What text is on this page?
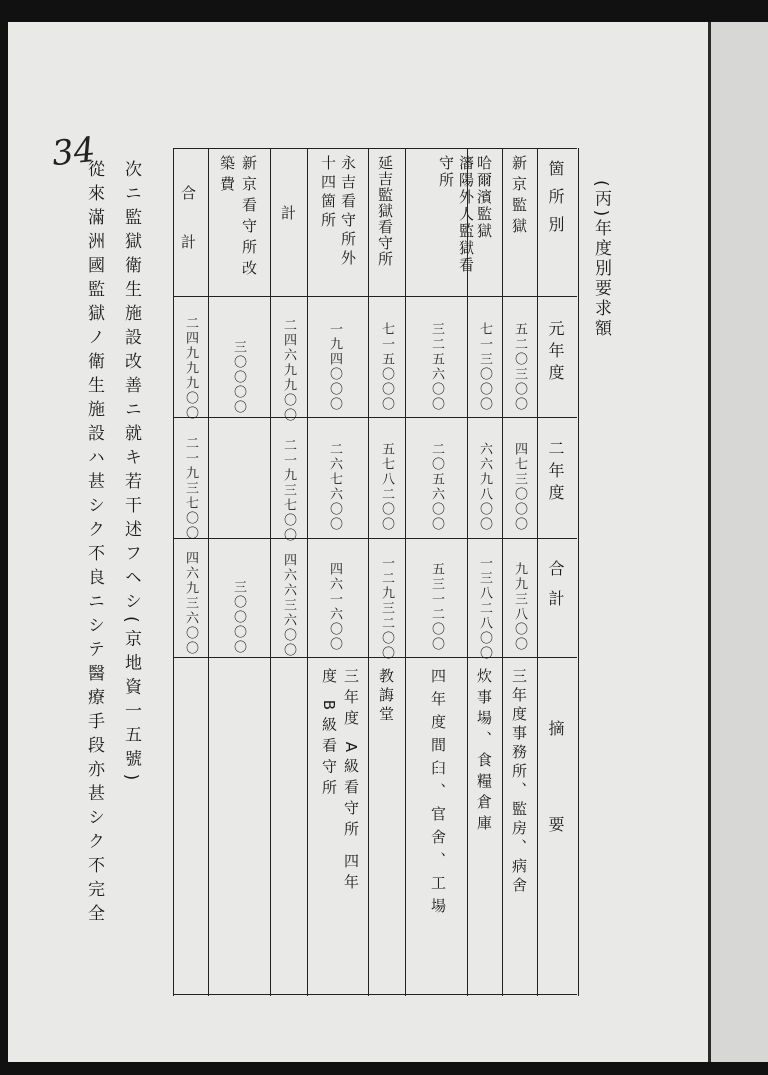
34
(丙)年度別要求額
箇所別
元年度
二年度
合計
摘要
新京監獄
五二〇三〇〇
四七三〇〇〇
九九三八〇〇
三年度事務所、監房、病舍
哈爾濱監獄
七一三〇〇〇
六六九八〇〇
一三八二八〇〇
炊事場、食糧倉庫
瀋陽外人監獄看守所
三二五六〇〇
二〇五六〇〇
五三一二〇〇
四年度間𦥑、官舍、工場
延吉監獄看守所
七一五〇〇〇
五七八二〇〇
一二九三二〇〇
教誨堂
永吉看守所外十四箇所
一九四〇〇〇
二六七六〇〇
四六一六〇〇
三年度 A級看守所 四年度 B級看守所
計
二四六九九〇〇
二一九三七〇〇
四六六三六〇〇
新京看守所改築費
三〇〇〇〇
三〇〇〇〇
合計
二四九九九〇〇
二一九三七〇〇
四六九三六〇〇
次ニ監獄衛生施設改善ニ就キ若干述フヘシ(京地資一五號)
從來滿洲國監獄ノ衛生施設ハ甚シク不良ニシテ醫療手段亦甚シク不完全
